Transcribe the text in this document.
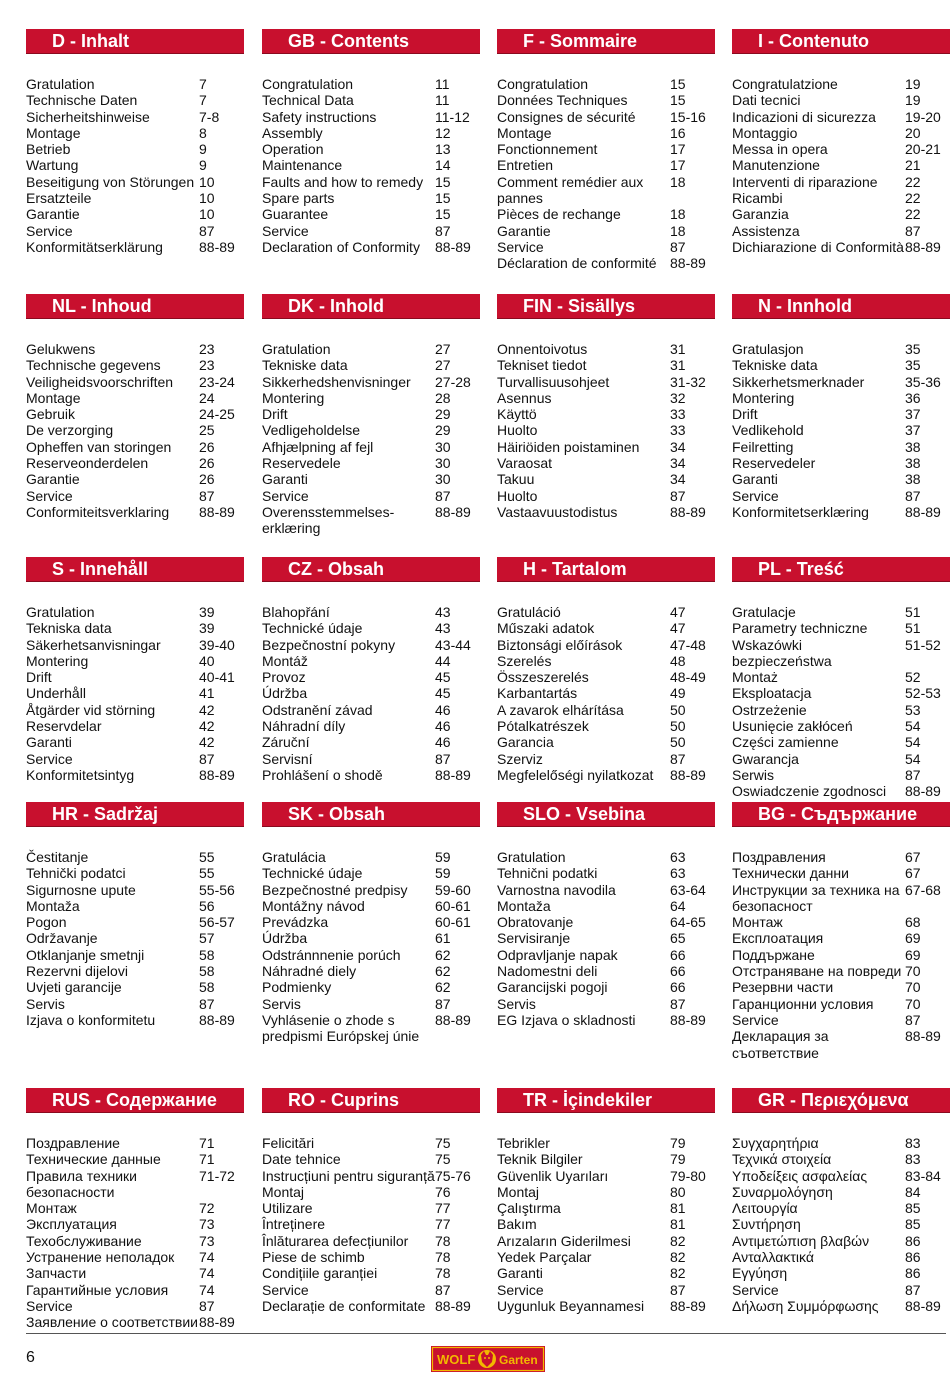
D - Inhalt
Gratulation	7
Technische Daten	7
Sicherheitshinweise	7-8
Montage	8
Betrieb	9
Wartung	9
Beseitigung von Störungen 10
Ersatzteile	10
Garantie	10
Service	87
Konformitätserklärung	88-89
GB - Contents
Congratulation	11
Technical Data	11
Safety instructions	11-12
Assembly	12
Operation	13
Maintenance	14
Faults and how to remedy 15
Spare parts	15
Guarantee	15
Service	87
Declaration of Conformity	88-89
F - Sommaire
Congratulation	15
Données Techniques	15
Consignes de sécurité	15-16
Montage	16
Fonctionnement	17
Entretien	17
Comment remédier aux pannes
18
Pièces de rechange	18
Garantie	18
Service	87
Déclaration de conformité 88-89
I - Contenuto
Congratulatzione	19
Dati tecnici	19
Indicazioni di sicurezza	19-20
Montaggio	20
Messa in opera	20-21
Manutenzione	21
Interventi di riparazione	22
Ricambi	22
Garanzia	22
Assistenza	87
Dichiarazione di Conformità 88-89
NL - Inhoud
Gelukwens	23
Technische gegevens	23
Veiligheidsvoorschriften	23-24
Montage	24
Gebruik	24-25
De verzorging	25
Opheffen van storingen	26
Reserveonderdelen	26
Garantie	26
Service	87
Conformiteitsverklaring	88-89
DK - Inhold
Gratulation	27
Tekniske data	27
Sikkerhedshenvisninger	27-28
Montering	28
Drift	29
Vedligeholdelse	29
Afhjælpning af fejl	30
Reservedele	30
Garanti	30
Service	87
Overensstemmelses- erklæring
88-89
FIN - Sisällys
Onnentoivotus	31
Tekniset tiedot	31
Turvallisuusohjeet	31-32
Asennus	32
Käyttö	33
Huolto	33
Häiriöiden poistaminen	34
Varaosat	34
Takuu	34
Huolto	87
Vastaavuustodistus	88-89
N - Innhold
Gratulasjon	35
Tekniske data	35
Sikkerhetsmerknader	35-36
Montering	36
Drift	37
Vedlikehold	37
Feilretting	38
Reservedeler	38
Garanti	38
Service	87
Konformitetserklæring	88-89
S - Innehåll
Gratulation	39
Tekniska data	39
Säkerhetsanvisningar	39-40
Montering	40
Drift	40-41
Underhåll	41
Åtgärder vid störning	42
Reservdelar	42
Garanti	42
Service	87
Konformitetsintyg	88-89
CZ - Obsah
Blahopřání	43
Technické údaje	43
Bezpečnostní pokyny	43-44
Montáž	44
Provoz	45
Údržba	45
Odstranění závad	46
Náhradní díly	46
Záruční	46
Servisní	87
Prohlášení o shodě	88-89
H - Tartalom
Gratuláció	47
Műszaki adatok	47
Biztonsági előírások	47-48
Szerelés	48
Összeszerelés	48-49
Karbantartás	49
A zavarok elhárítása	50
Pótalkatrészek	50
Garancia	50
Szerviz	87
Megfelelőségi nyilatkozat	88-89
PL - Treść
Gratulacje	51
Parametry techniczne	51
Wskazówki bezpieczeństwa
51-52
Montaż	52
Eksploatacja	52-53
Ostrzeżenie	53
Usunięcie zakłóceń	54
Części zamienne	54
Gwarancja	54
Serwis	87
Oswiadczenie zgodnosci	88-89
HR - Sadržaj
Čestitanje	55
Tehnički podatci	55
Sigurnosne upute	55-56
Montaža	56
Pogon	56-57
Održavanje	57
Otklanjanje smetnji	58
Rezervni dijelovi	58
Uvjeti garancije	58
Servis	87
Izjava o konformitetu	88-89
SK - Obsah
Gratulácia	59
Technické údaje	59
Bezpečnostné predpisy	59-60
Montážny návod	60-61
Prevádzka	60-61
Údržba	61
Odstránnnenie porúch	62
Náhradné diely	62
Podmienky	62
Servis	87
Vyhlásenie o zhode s predpismi Európskej únie
88-89
SLO - Vsebina
Gratulation	63
Tehnični podatki	63
Varnostna navodila	63-64
Montaža	64
Obratovanje	64-65
Servisiranje	65
Odpravljanje napak	66
Nadomestni deli	66
Garancijski pogoji	66
Servis	87
EG Izjava o skladnosti	88-89
BG - Съдържание
Поздравления	67
Технически данни	67
Инструкции за техника на безопасност
67-68
Монтаж	68
Експлоатация	69
Поддържане	69
Отстраняване на повреди 70
Резервни части	70
Гаранционни условия	70
Service	87
Декларация за съответствие
88-89
RUS - Содержание
Поздравление	71
Технические данные	71
Правила техники безопасности
71-72
Монтаж	72
Эксплуатация	73
Техобслуживание	73
Устранение неполадок	74
Запчасти	74
Гарантийные условия	74
Service	87
Заявление о соответствии 88-89
RO - Cuprins
Felicitări	75
Date tehnice	75
Instrucțiuni pentru siguranță 75-76
Montaj	76
Utilizare	77
Întreținere	77
Înlăturarea defecțiunilor	78
Piese de schimb	78
Condițiile garanției	78
Service	87
Declarație de conformitate 88-89
TR - İçindekiler
Tebrikler	79
Teknik Bilgiler	79
Güvenlik Uyarıları	79-80
Montaj	80
Çalıştırma	81
Bakım	81
Arızaların Giderilmesi	82
Yedek Parçalar	82
Garanti	82
Service	87
Uygunluk Beyannamesi	88-89
GR - Περιεχόμενα
Συγχαρητήρια	83
Τεχνικά στοιχεία	83
Υποδείξεις ασφαλείας	83-84
Συναρμολόγηση	84
Λειτουργία	85
Συντήρηση	85
Αντιμετώπιση βλαβών	86
Ανταλλακτικά	86
Εγγύηση	86
Service	87
Δήλωση Συμμόρφωσης	88-89
6	WOLF Garten
